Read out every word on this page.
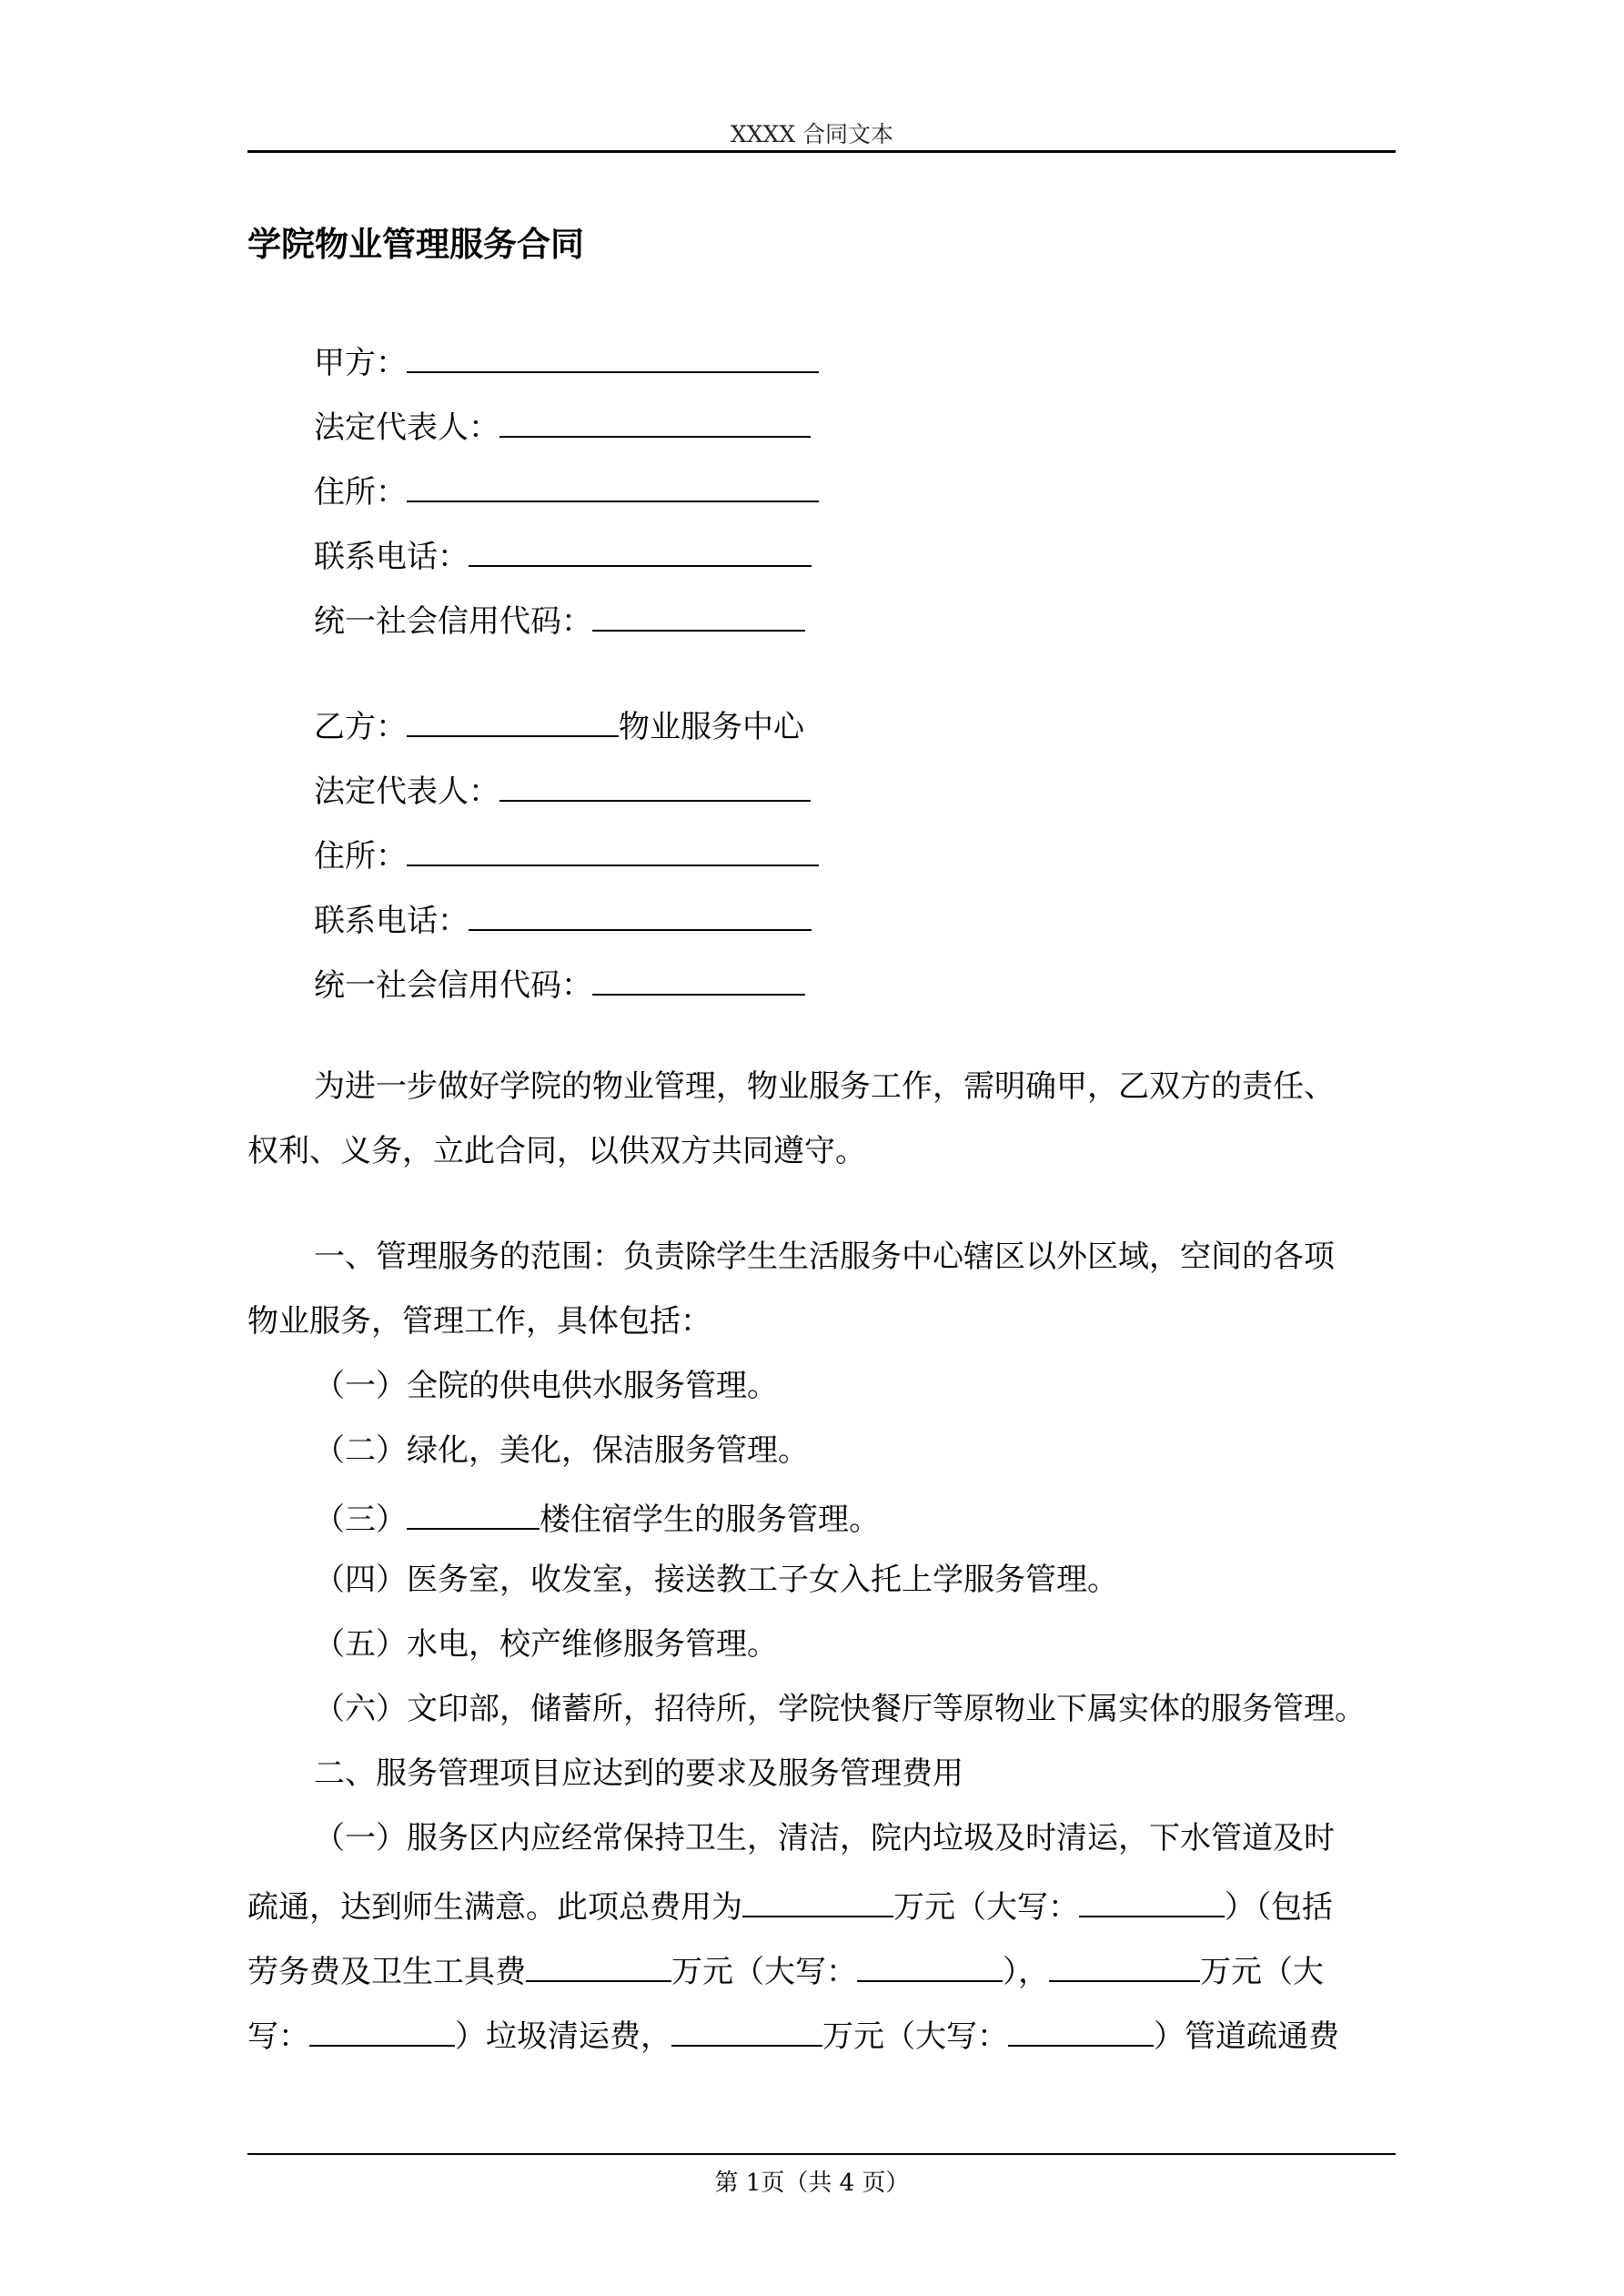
XXXX 合同文本
学院物业管理服务合同
甲方：
法定代表人：
住所：
联系电话：
统一社会信用代码：
乙方：	物业服务中心
法定代表人：
住所：
联系电话：
统一社会信用代码：
为进一步做好学院的物业管理，物业服务工作，需明确甲，乙双方的责任、
权利、义务，立此合同，以供双方共同遵守。
一、管理服务的范围：负责除学生生活服务中心辖区以外区域，空间的各项
物业服务，管理工作，具体包括：
（一）全院的供电供水服务管理。
（二）绿化，美化，保洁服务管理。
（三）	楼住宿学生的服务管理。
（四）医务室，收发室，接送教工子女入托上学服务管理。
（五）水电，校产维修服务管理。
（六）文印部，储蓄所，招待所，学院快餐厅等原物业下属实体的服务管理。
二、服务管理项目应达到的要求及服务管理费用
（一）服务区内应经常保持卫生，清洁，院内垃圾及时清运，下水管道及时
疏通，达到师生满意。此项总费用为	万元（大写：	）（包括
劳务费及卫生工具费	万元（大写：	），	万元（大
写：	）垃圾清运费，	万元（大写：	）管道疏通费
第 1页（共 4 页）
